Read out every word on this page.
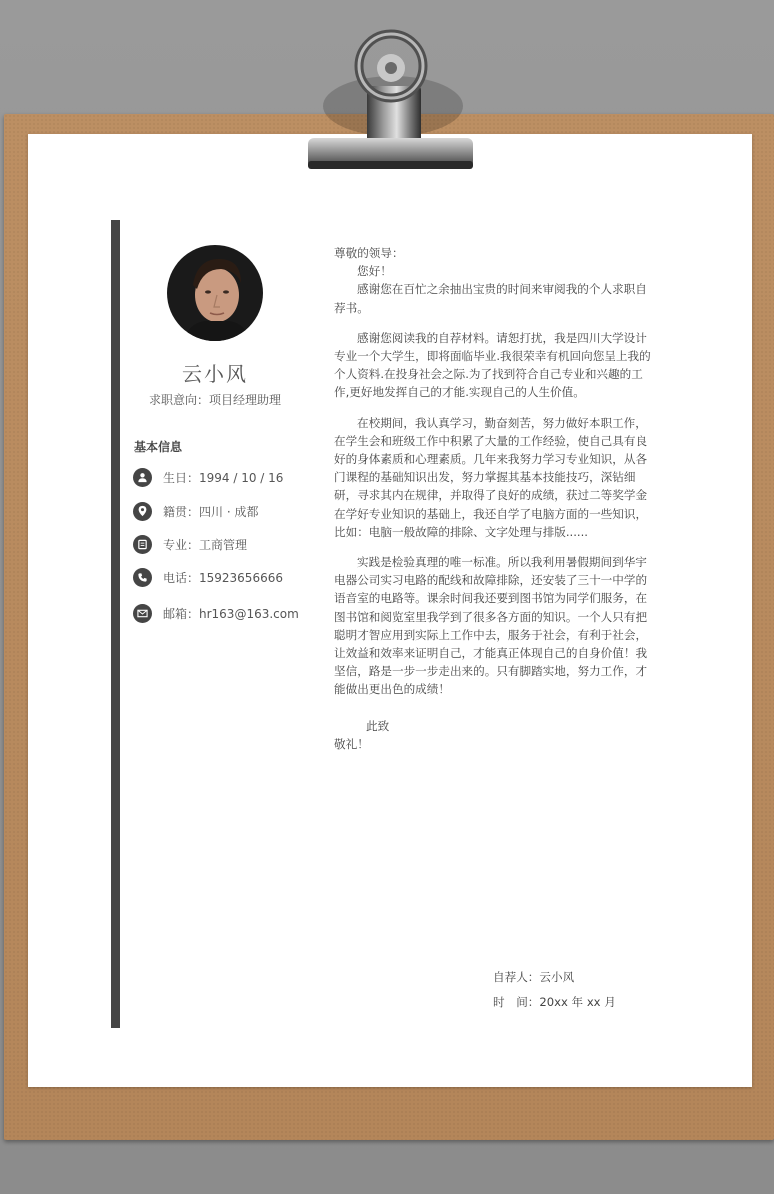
云小风
求职意向：项目经理助理
基本信息
生日：1994 / 10 / 16
籍贯：四川 · 成都
专业：工商管理
电话：15923656666
邮箱：hr163@163.com

尊敬的领导：

您好！

感谢您在百忙之余抽出宝贵的时间来审阅我的个人求职自荐书。

感谢您阅读我的自荐材料。请恕打扰，我是四川大学设计专业一个大学生，即将面临毕业.我很荣幸有机回向您呈上我的个人资料.在投身社会之际.为了找到符合自己专业和兴趣的工作,更好地发挥自己的才能.实现自己的人生价值。

在校期间，我认真学习，勤奋刻苦，努力做好本职工作，在学生会和班级工作中积累了大量的工作经验，使自己具有良好的身体素质和心理素质。几年来我努力学习专业知识，从各门课程的基础知识出发，努力掌握其基本技能技巧，深钻细研，寻求其内在规律，并取得了良好的成绩，获过二等奖学金在学好专业知识的基础上，我还自学了电脑方面的一些知识，比如：电脑一般故障的排除、文字处理与排版......

实践是检验真理的唯一标准。所以我利用暑假期间到华宇电器公司实习电路的配线和故障排除，还安装了三十一中学的语音室的电路等。课余时间我还要到图书馆为同学们服务，在图书馆和阅览室里我学到了很多各方面的知识。一个人只有把聪明才智应用到实际上工作中去，服务于社会，有利于社会，让效益和效率来证明自己，才能真正体现自己的自身价值！我坚信，路是一步一步走出来的。只有脚踏实地，努力工作，才能做出更出色的成绩！

此致

敬礼！

自荐人：云小风
时　间：20xx 年 xx 月
